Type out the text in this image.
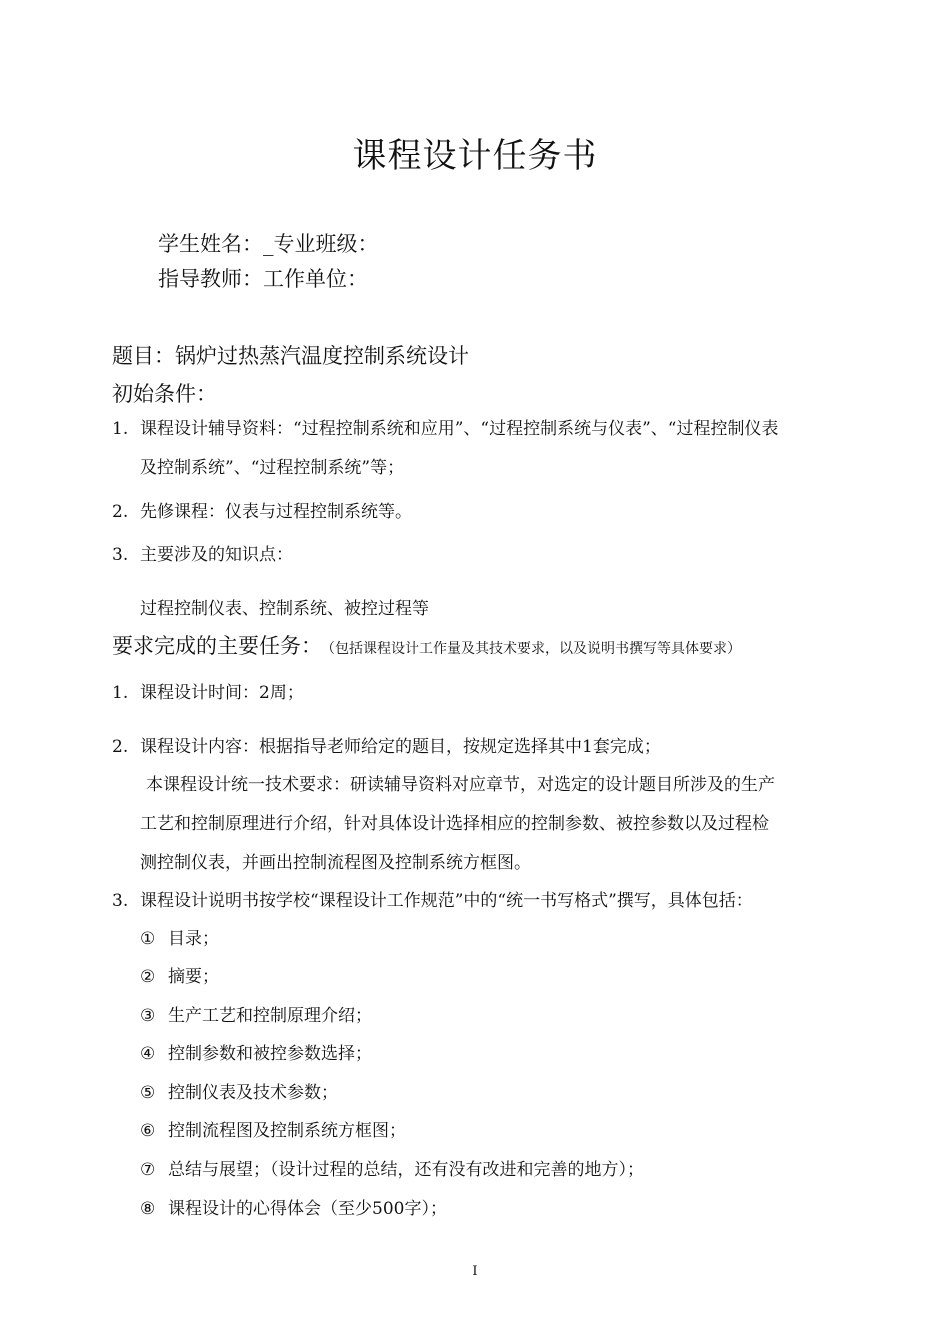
课程设计任务书
学生姓名：_专业班级：
指导教师：工作单位：
题目：锅炉过热蒸汽温度控制系统设计
初始条件：
1. 课程设计辅导资料：“过程控制系统和应用”、“过程控制系统与仪表”、“过程控制仪表
及控制系统”、“过程控制系统”等；
2. 先修课程：仪表与过程控制系统等。
3. 主要涉及的知识点：
过程控制仪表、控制系统、被控过程等
要求完成的主要任务： （包括课程设计工作量及其技术要求，以及说明书撰写等具体要求）
1. 课程设计时间：2周；
2. 课程设计内容：根据指导老师给定的题目，按规定选择其中1套完成；
本课程设计统一技术要求：研读辅导资料对应章节，对选定的设计题目所涉及的生产
工艺和控制原理进行介绍，针对具体设计选择相应的控制参数、被控参数以及过程检
测控制仪表，并画出控制流程图及控制系统方框图。
3. 课程设计说明书按学校“课程设计工作规范”中的“统一书写格式”撰写，具体包括：
① 目录；
② 摘要；
③ 生产工艺和控制原理介绍；
④ 控制参数和被控参数选择；
⑤ 控制仪表及技术参数；
⑥ 控制流程图及控制系统方框图；
⑦ 总结与展望；（设计过程的总结，还有没有改进和完善的地方）；
⑧ 课程设计的心得体会（至少500字）；
I
